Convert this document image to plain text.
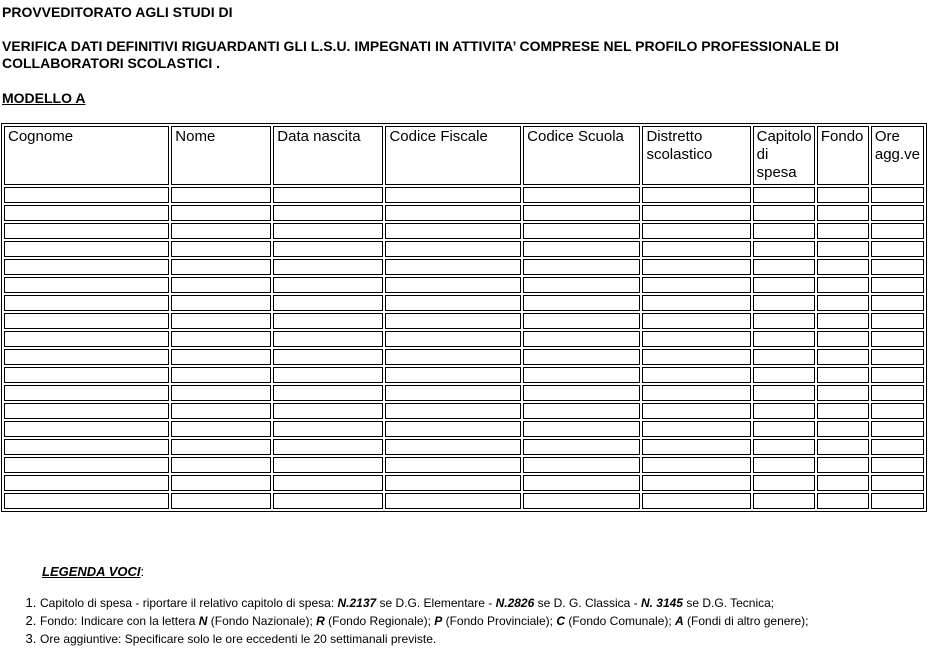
PROVVEDITORATO AGLI STUDI DI
VERIFICA DATI DEFINITIVI RIGUARDANTI GLI L.S.U. IMPEGNATI IN ATTIVITA’ COMPRESE NEL PROFILO PROFESSIONALE DI COLLABORATORI SCOLASTICI .
MODELLO A
Cognome	Nome	Data nascita	Codice Fiscale	Codice Scuola	Distretto scolastico	Capitolo di spesa	Fondo	Ore agg.ve

LEGENDA VOCI:
1. Capitolo di spesa - riportare il relativo capitolo di spesa: N.2137 se D.G. Elementare - N.2826 se D. G. Classica - N. 3145 se D.G. Tecnica;
2. Fondo: Indicare con la lettera N (Fondo Nazionale); R (Fondo Regionale); P (Fondo Provinciale); C (Fondo Comunale); A (Fondi di altro genere);
3. Ore aggiuntive: Specificare solo le ore eccedenti le 20 settimanali previste.
